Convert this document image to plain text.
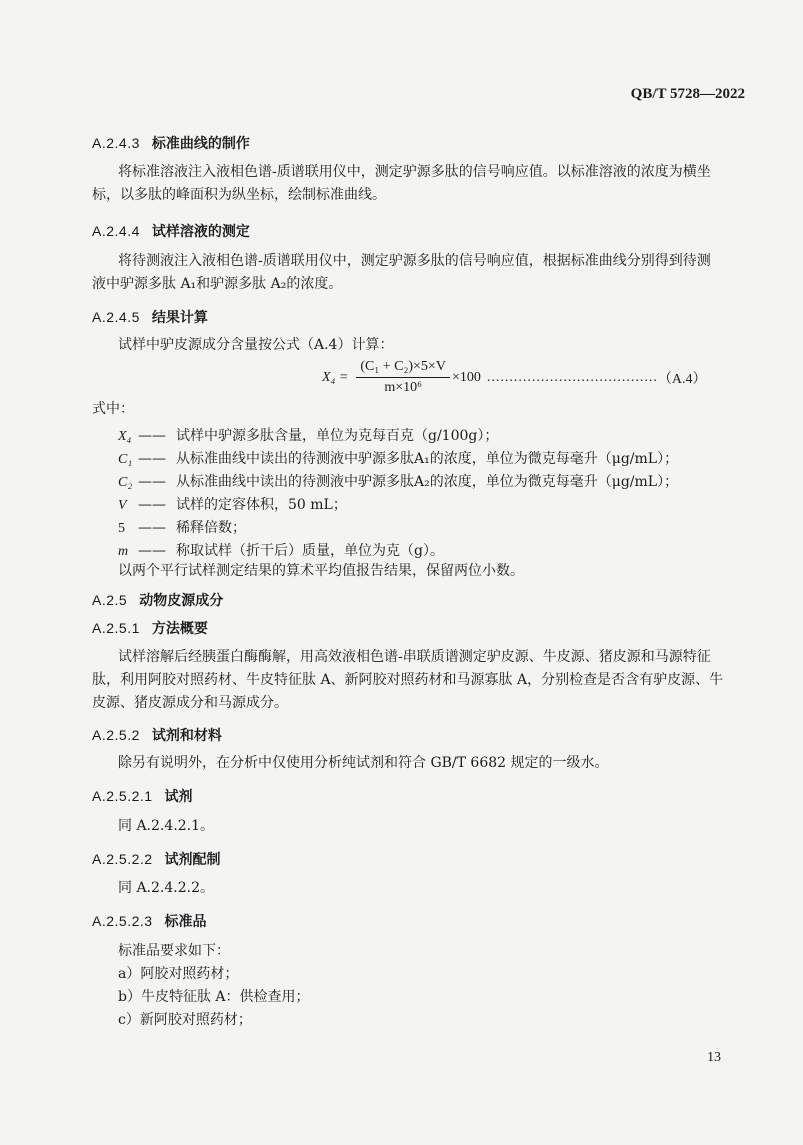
QB/T 5728—2022
A.2.4.3 标准曲线的制作
将标准溶液注入液相色谱-质谱联用仪中，测定驴源多肽的信号响应值。以标准溶液的浓度为横坐
标，以多肽的峰面积为纵坐标，绘制标准曲线。
A.2.4.4 试样溶液的测定
将待测液注入液相色谱-质谱联用仪中，测定驴源多肽的信号响应值，根据标准曲线分别得到待测
液中驴源多肽 A₁和驴源多肽 A₂的浓度。
A.2.4.5 结果计算
试样中驴皮源成分含量按公式（A.4）计算：
$X_4 = \frac{\text{(C₁ + C₂)×5×V}}{\text{m×10⁶}} \times 100$ ...................................... （A.4）
式中：
X₄ —— 试样中驴源多肽含量，单位为克每百克（g/100g）；
C₁ —— 从标准曲线中读出的待测液中驴源多肽A₁的浓度，单位为微克每毫升（μg/mL）；
C₂ —— 从标准曲线中读出的待测液中驴源多肽A₂的浓度，单位为微克每毫升（μg/mL）；
V —— 试样的定容体积，50 mL；
5 —— 稀释倍数；
m —— 称取试样（折干后）质量，单位为克（g）。
以两个平行试样测定结果的算术平均值报告结果，保留两位小数。
A.2.5 动物皮源成分
A.2.5.1 方法概要
试样溶解后经胰蛋白酶酶解，用高效液相色谱-串联质谱测定驴皮源、牛皮源、猪皮源和马源特征
肽，利用阿胶对照药材、牛皮特征肽 A、新阿胶对照药材和马源寡肽 A，分别检查是否含有驴皮源、牛
皮源、猪皮源成分和马源成分。
A.2.5.2 试剂和材料
除另有说明外，在分析中仅使用分析纯试剂和符合 GB/T 6682 规定的一级水。
A.2.5.2.1 试剂
同 A.2.4.2.1。
A.2.5.2.2 试剂配制
同 A.2.4.2.2。
A.2.5.2.3 标准品
标准品要求如下：
a）阿胶对照药材；
b）牛皮特征肽 A：供检查用；
c）新阿胶对照药材；
13
